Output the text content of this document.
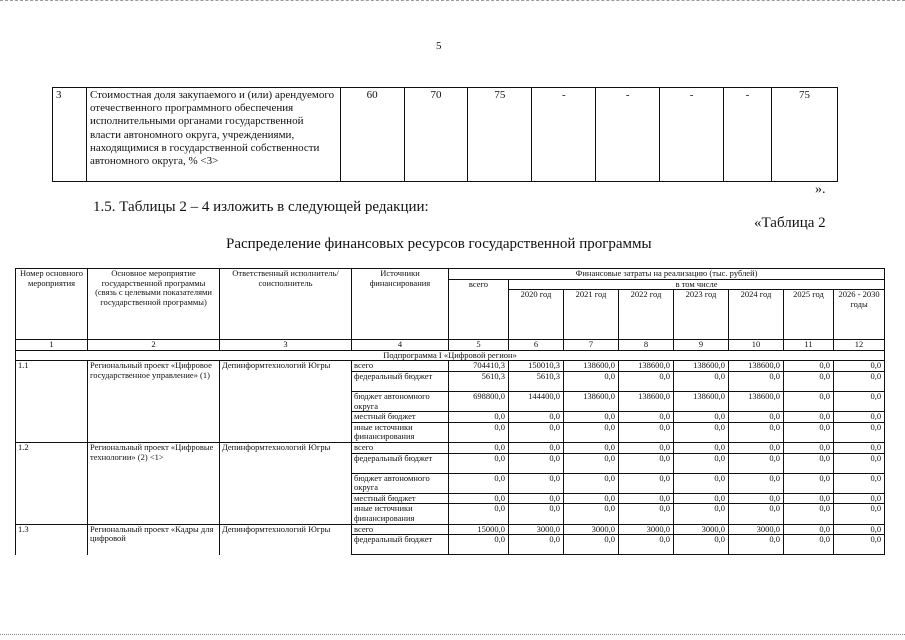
5
3	Стоимостная доля закупаемого и (или) арендуемого отечественного программного обеспечения исполнительными органами государственной власти автономного округа, учреждениями, находящимися в государственной собственности автономного округа, % <3>	60	70	75	-	-	-	-	75
».
1.5. Таблицы 2 – 4 изложить в следующей редакции:
«Таблица 2
Распределение финансовых ресурсов государственной программы
Номер основного мероприятия	Основное мероприятие государственной программы (связь с целевыми показателями государственной программы)	Ответственный исполнитель/ соисполнитель	Источники финансирования	Финансовые затраты на реализацию (тыс. рублей)							
				всего	в том числе						
					2020 год	2021 год	2022 год	2023 год	2024 год	2025 год	2026 - 2030 годы
1	2	3	4	5	6	7	8	9	10	11	12
Подпрограмма I «Цифровой регион»											
1.1	Региональный проект «Цифровое государственное управление» (1)	Депинформтехнологий Югры	всего	704410,3	150010,3	138600,0	138600,0	138600,0	138600,0	0,0	0,0
			федеральный бюджет	5610,3	5610,3	0,0	0,0	0,0	0,0	0,0	0,0
			бюджет автономного округа	698800,0	144400,0	138600,0	138600,0	138600,0	138600,0	0,0	0,0
			местный бюджет	0,0	0,0	0,0	0,0	0,0	0,0	0,0	0,0
			иные источники финансирования	0,0	0,0	0,0	0,0	0,0	0,0	0,0	0,0
1.2	Региональный проект «Цифровые технологии» (2) <1>	Депинформтехнологий Югры	всего	0,0	0,0	0,0	0,0	0,0	0,0	0,0	0,0
			федеральный бюджет	0,0	0,0	0,0	0,0	0,0	0,0	0,0	0,0
			бюджет автономного округа	0,0	0,0	0,0	0,0	0,0	0,0	0,0	0,0
			местный бюджет	0,0	0,0	0,0	0,0	0,0	0,0	0,0	0,0
			иные источники финансирования	0,0	0,0	0,0	0,0	0,0	0,0	0,0	0,0
1.3	Региональный проект «Кадры для цифровой	Депинформтехнологий Югры	всего	15000,0	3000,0	3000,0	3000,0	3000,0	3000,0	0,0	0,0
			федеральный бюджет	0,0	0,0	0,0	0,0	0,0	0,0	0,0	0,0
